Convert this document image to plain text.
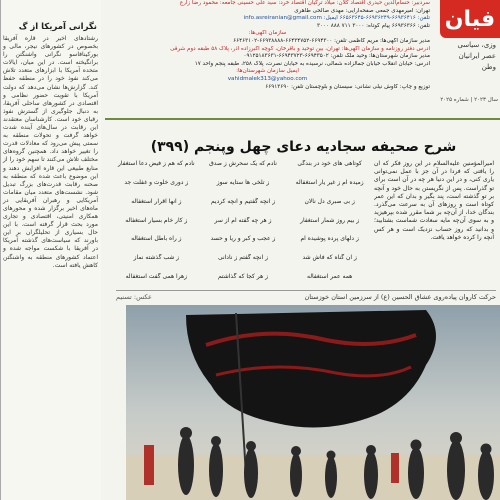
فیان
وزی، سیاسی
عصر ایرانیان
وطن
سال ۲۰۲۳ | شماره ۲۰۲۵
سردبیر: حسام‌الدین حیدری اقتصاد کلان: میلاد ترکیان اقتصاد خرد: سید علی حسینی جامعه: محمود رضا زارع
تهران: امیرمهدی جمعی صفحه‌آرایی: مهدی صالحی طاهری
تلفن: ۶۶۹۳۶۴۱۶-۶۶۹۳۶۲۴۹-۶۶۵۶۳۶۴۵ ایمیل: info.asreiranian@gmail.com
تلفن: ۶۶۹۳۶۳۶۶ پیام کوتاه: ۳۰۰۰ ۷۱۱ ۸۸۸ ۳۰۰۰
سازمان آگهی‌ها:
مدیر سازمان آگهی‌ها: مریم کاظمی تلفن: ۶۶۹۴۳۰۰-۶۶۴۳۴۷۵۲-۶۶۹۳۸۸۸۸-۶۶۴۶۳۱۰۲
آدرس دفتر روزنامه و سازمان آگهی‌ها: تهران، بین توحید و باقرخان، کوچه اکبرزاده آذر، پلاک ۵۸ طبقه دوم شرقی
مدیر سازمان شهرستان‌ها: وحید ملک تلفن: ۶۶۹۴۳۵۰۲-۶۶۹۴۳۷۲۳-۰۹۱۲۵۱۸۳۶۳۱
آدرس: خیابان انقلاب خیابان جمالزاده شمالی، نرسیده به خیابان نصرت، پلاک ۲۵۸، طبقه پنجم واحد ۱۷
ایمیل سازمان شهرستان‌ها:
vahidmalek313@yahoo.com
توزیع و چاپ: کاوش نیلی نشانی: سیستان و بلوچستان تلفن: ۶۶۹۱۳۶۹۰
نگرانی آمریکا از گ
رشتادهای اخیر در قاره آفریقا بخصوص در کشورهای نیجر، مالی و بورکینافاسو نگرانی واشنگتن را برانگیخته است. در این میان، ایالات متحده آمریکا با ابزارهای متعدد تلاش می‌کند نفوذ خود را در منطقه حفظ کند. گزارش‌ها نشان می‌دهد که دولت آمریکا با تقویت حضور نظامی و اقتصادی در کشورهای ساحلی آفریقا، به دنبال جلوگیری از گسترش نفوذ رقبای خود است. کارشناسان معتقدند این رقابت در سال‌های آینده شدت خواهد گرفت و تحولات منطقه به سمتی پیش می‌رود که معادلات قدرت را تغییر خواهد داد. همچنین گروه‌های مختلف تلاش می‌کنند تا سهم خود را از منابع طبیعی این قاره افزایش دهند و این موضوع باعث شده که منطقه به صحنه رقابت قدرت‌های بزرگ تبدیل شود. نشست‌های متعدد میان مقامات آمریکایی و رهبران آفریقایی در ماه‌های اخیر برگزار شده و محورهای همکاری امنیتی، اقتصادی و تجاری مورد بحث قرار گرفته است. با این حال بسیاری از تحلیلگران بر این باورند که سیاست‌های گذشته آمریکا در آفریقا با شکست مواجه شده و اعتماد کشورهای منطقه به واشنگتن کاهش یافته است.
شرح صحیفه سجادیه دعای چهل وپنجم (۳۹۹)
امیرالمؤمنین علیه‌السلام در این روز فکر که آن را یافتی که فردا در آن جز با عمل نمی‌توانی یاری کنی، و در این دنیا هر چه در آن است برای تو گذراست. پس از نگریستن به حال خود و آنچه بر تو گذشته است، پند بگیر و بدان که این عمر کوتاه است و روزهای آن به سرعت می‌گذرد. بندگان خدا، از آن‌چه بر شما مقرر شده بپرهیزید و به سوی آن‌چه مایه سعادت شماست بشتابید؛ و بدانید که روز حساب نزدیک است و هر کس آنچه را کرده خواهد یافت.
کوتاهی های خود در بندگی
نادم که یک سحرش ز صدق
نادم که هم ز فیض دعا استغفار
زمیده ام ز غیر یار استغفاله
ز تلخی ها ستایه سوز
ز دوری خلوت و غفلت جد
ز بی صبری دل نالان
ز آنچه گفتیم و آنچه کردیم
ز آنها اقرار استغفاله
ز بیم روز شمار استغفار
ز هر چه گفته ام از سر
ز کار خام بسیار استغفاله
ز دلهای پرده پوشیده ام
ز عجب و کبر و ریا و حسد
ز راه باطل استغفاله
ز آن گناه که فاش شد
ز آنچه گفتم ز نادانی
ز شب گذشته نماز
همه عمر استغفاله
ز هر کجا که گذاشتم
زهرا همی گفت استغفاله
حرکت کاروان پیاده‌روی عشاق الحسین (ع) از سرزمین استان خوزستان
عکس: تسنیم
